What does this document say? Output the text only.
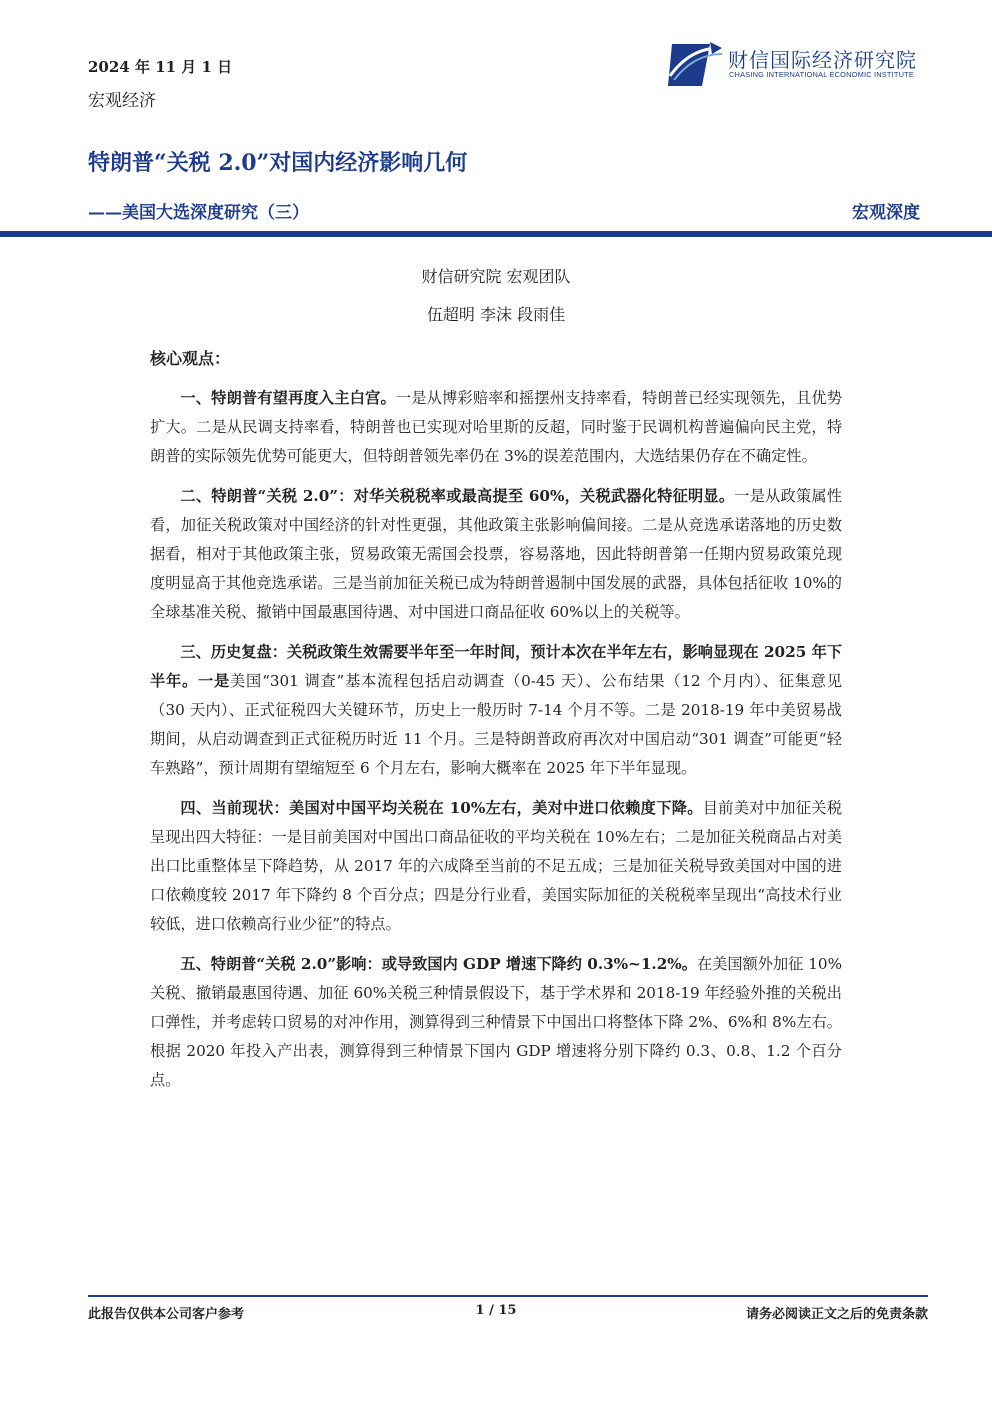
2024 年 11 月 1 日
宏观经济
财信国际经济研究院
CHASING INTERNATIONAL ECONOMIC INSTITUTE
特朗普“关税 2.0”对国内经济影响几何
——美国大选深度研究（三）	宏观深度
财信研究院 宏观团队
伍超明 李沫 段雨佳
核心观点：

一、特朗普有望再度入主白宫。一是从博彩赔率和摇摆州支持率看，特朗普已经实现领先，且优势扩大。二是从民调支持率看，特朗普也已实现对哈里斯的反超，同时鉴于民调机构普遍偏向民主党，特朗普的实际领先优势可能更大，但特朗普领先率仍在 3%的误差范围内，大选结果仍存在不确定性。

二、特朗普“关税 2.0”：对华关税税率或最高提至 60%，关税武器化特征明显。一是从政策属性看，加征关税政策对中国经济的针对性更强，其他政策主张影响偏间接。二是从竞选承诺落地的历史数据看，相对于其他政策主张，贸易政策无需国会投票，容易落地，因此特朗普第一任期内贸易政策兑现度明显高于其他竞选承诺。三是当前加征关税已成为特朗普遏制中国发展的武器，具体包括征收 10%的全球基准关税、撤销中国最惠国待遇、对中国进口商品征收 60%以上的关税等。

三、历史复盘：关税政策生效需要半年至一年时间，预计本次在半年左右，影响显现在 2025 年下半年。一是美国“301 调查”基本流程包括启动调查（0-45 天）、公布结果（12 个月内）、征集意见（30 天内）、正式征税四大关键环节，历史上一般历时 7-14 个月不等。二是 2018-19 年中美贸易战期间，从启动调查到正式征税历时近 11 个月。三是特朗普政府再次对中国启动“301 调查”可能更“轻车熟路”，预计周期有望缩短至 6 个月左右，影响大概率在 2025 年下半年显现。

四、当前现状：美国对中国平均关税在 10%左右，美对中进口依赖度下降。目前美对中加征关税呈现出四大特征：一是目前美国对中国出口商品征收的平均关税在 10%左右；二是加征关税商品占对美出口比重整体呈下降趋势，从 2017 年的六成降至当前的不足五成；三是加征关税导致美国对中国的进口依赖度较 2017 年下降约 8 个百分点；四是分行业看，美国实际加征的关税税率呈现出“高技术行业较低，进口依赖高行业少征”的特点。

五、特朗普“关税 2.0”影响：或导致国内 GDP 增速下降约 0.3%~1.2%。在美国额外加征 10%关税、撤销最惠国待遇、加征 60%关税三种情景假设下，基于学术界和 2018-19 年经验外推的关税出口弹性，并考虑转口贸易的对冲作用，测算得到三种情景下中国出口将整体下降 2%、6%和 8%左右。根据 2020 年投入产出表，测算得到三种情景下国内 GDP 增速将分别下降约 0.3、0.8、1.2 个百分点。

此报告仅供本公司客户参考	1 / 15	请务必阅读正文之后的免责条款
